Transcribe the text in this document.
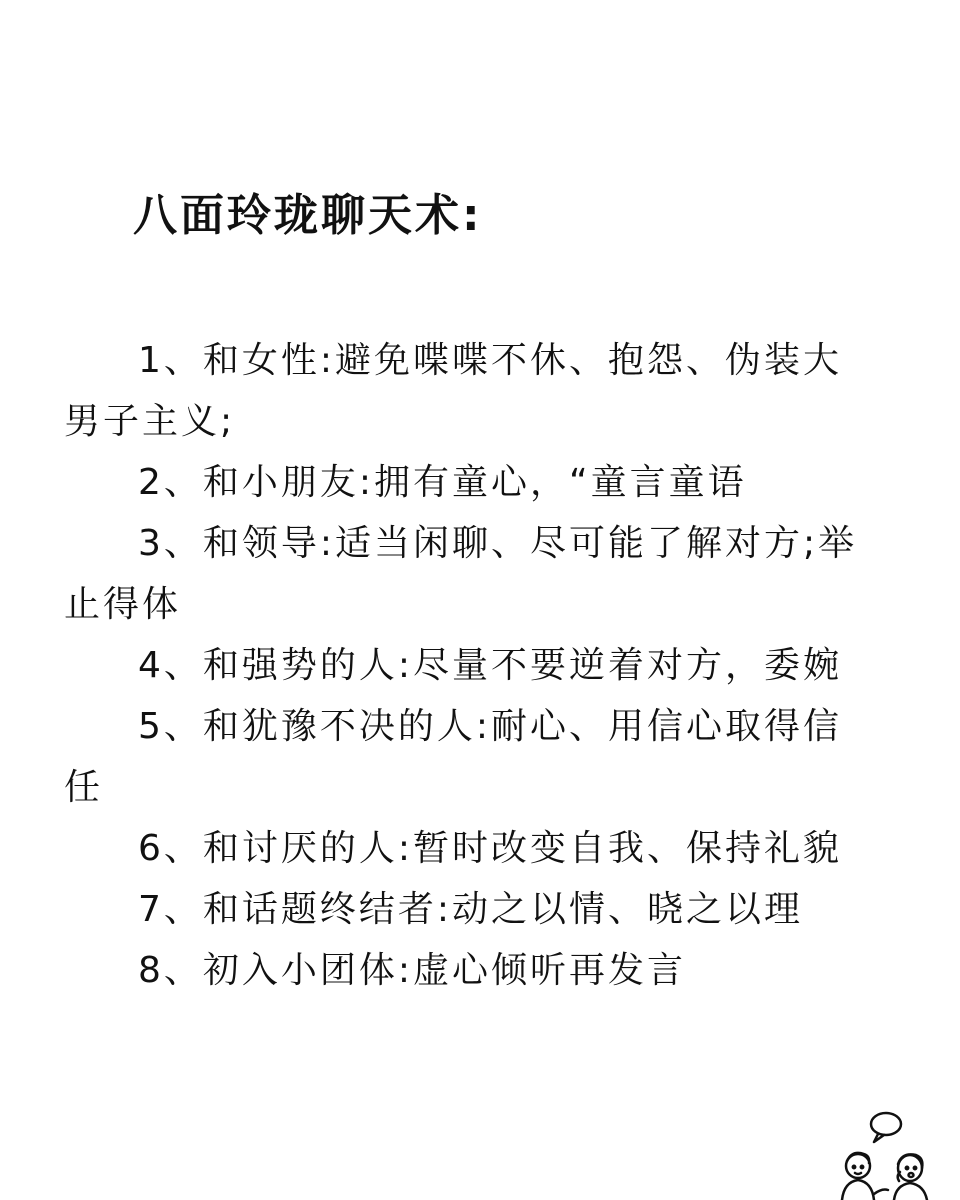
八面玲珑聊天术:

1、和女性:避免喋喋不休、抱怨、伪装大
男子主义;

2、和小朋友:拥有童心，“童言童语

3、和领导:适当闲聊、尽可能了解对方;举
止得体

4、和强势的人:尽量不要逆着对方，委婉

5、和犹豫不决的人:耐心、用信心取得信
任

6、和讨厌的人:暂时改变自我、保持礼貌

7、和话题终结者:动之以情、晓之以理

8、初入小团体:虚心倾听再发言
